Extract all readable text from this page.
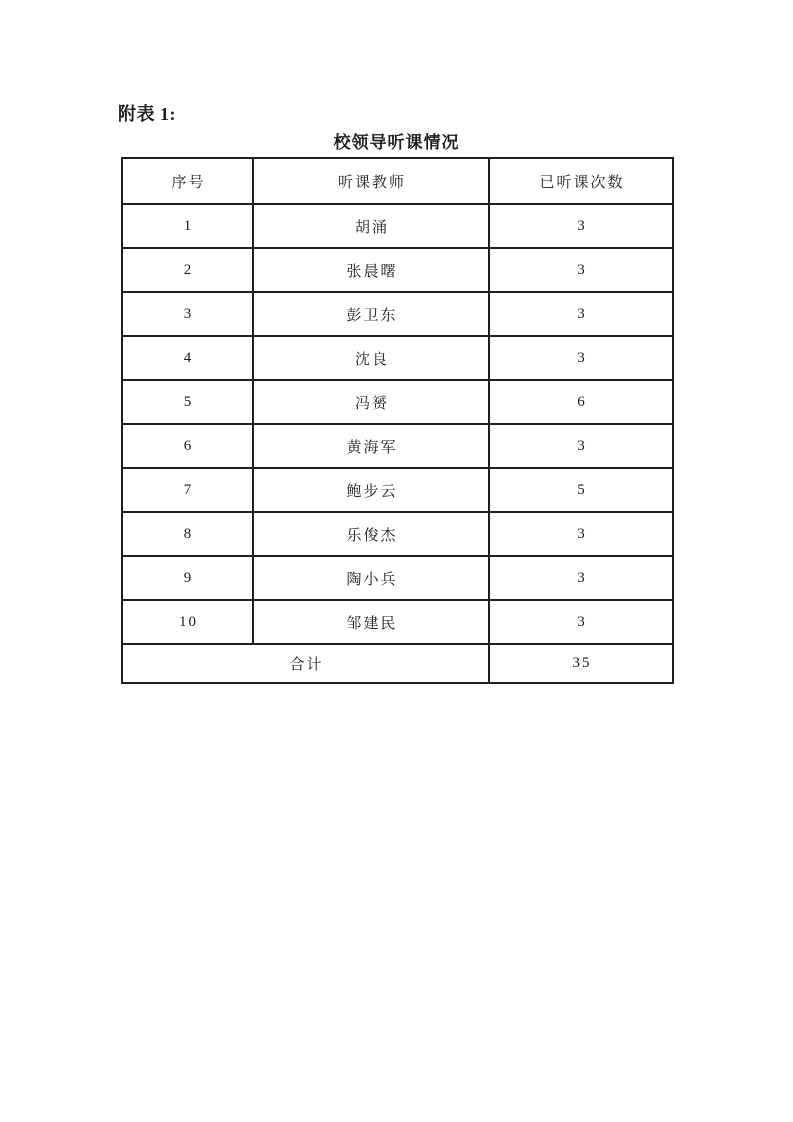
附表 1:
校领导听课情况
序号	听课教师	已听课次数
1	胡涌	3
2	张晨曙	3
3	彭卫东	3
4	沈良	3
5	冯赟	6
6	黄海军	3
7	鲍步云	5
8	乐俊杰	3
9	陶小兵	3
10	邹建民	3
合计		35
